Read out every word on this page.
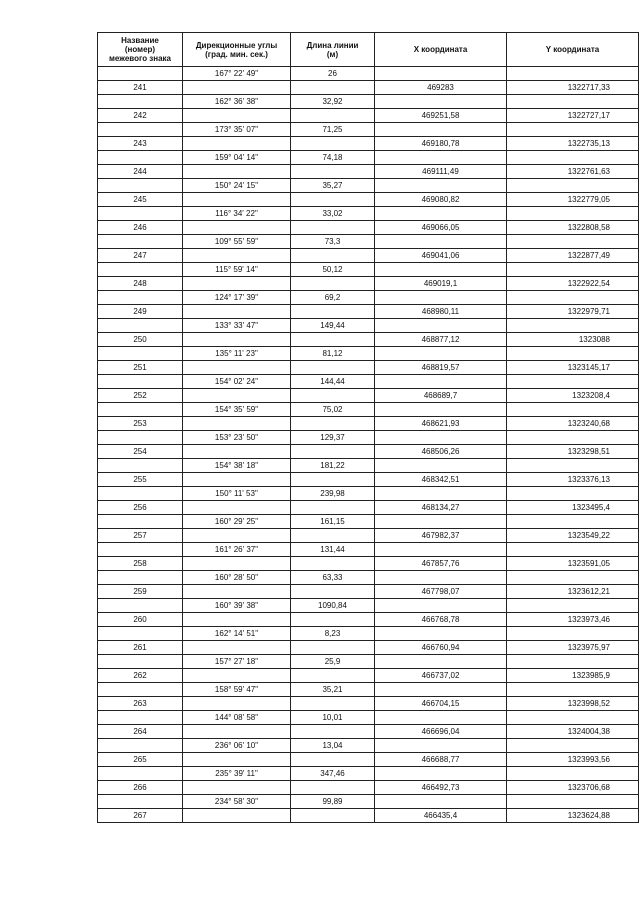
Название
(номер)
межевого знака	Дирекционные углы
(град. мин. сек.)	Длина линии
(м)	X координата	Y координата
	167° 22' 49"	26		
241			469283	1322717,33
	162° 36' 38"	32,92		
242			469251,58	1322727,17
	173° 35' 07"	71,25		
243			469180,78	1322735,13
	159° 04' 14"	74,18		
244			469111,49	1322761,63
	150° 24' 15"	35,27		
245			469080,82	1322779,05
	116° 34' 22"	33,02		
246			469066,05	1322808,58
	109° 55' 59"	73,3		
247			469041,06	1322877,49
	115° 59' 14"	50,12		
248			469019,1	1322922,54
	124° 17' 39"	69,2		
249			468980,11	1322979,71
	133° 33' 47"	149,44		
250			468877,12	1323088
	135° 11' 23"	81,12		
251			468819,57	1323145,17
	154° 02' 24"	144,44		
252			468689,7	1323208,4
	154° 35' 59"	75,02		
253			468621,93	1323240,68
	153° 23' 50"	129,37		
254			468506,26	1323298,51
	154° 38' 18"	181,22		
255			468342,51	1323376,13
	150° 11' 53"	239,98		
256			468134,27	1323495,4
	160° 29' 25"	161,15		
257			467982,37	1323549,22
	161° 26' 37"	131,44		
258			467857,76	1323591,05
	160° 28' 50"	63,33		
259			467798,07	1323612,21
	160° 39' 38"	1090,84		
260			466768,78	1323973,46
	162° 14' 51"	8,23		
261			466760,94	1323975,97
	157° 27' 18"	25,9		
262			466737,02	1323985,9
	158° 59' 47"	35,21		
263			466704,15	1323998,52
	144° 08' 58"	10,01		
264			466696,04	1324004,38
	236° 06' 10"	13,04		
265			466688,77	1323993,56
	235° 39' 11"	347,46		
266			466492,73	1323706,68
	234° 58' 30"	99,89		
267			466435,4	1323624,88
